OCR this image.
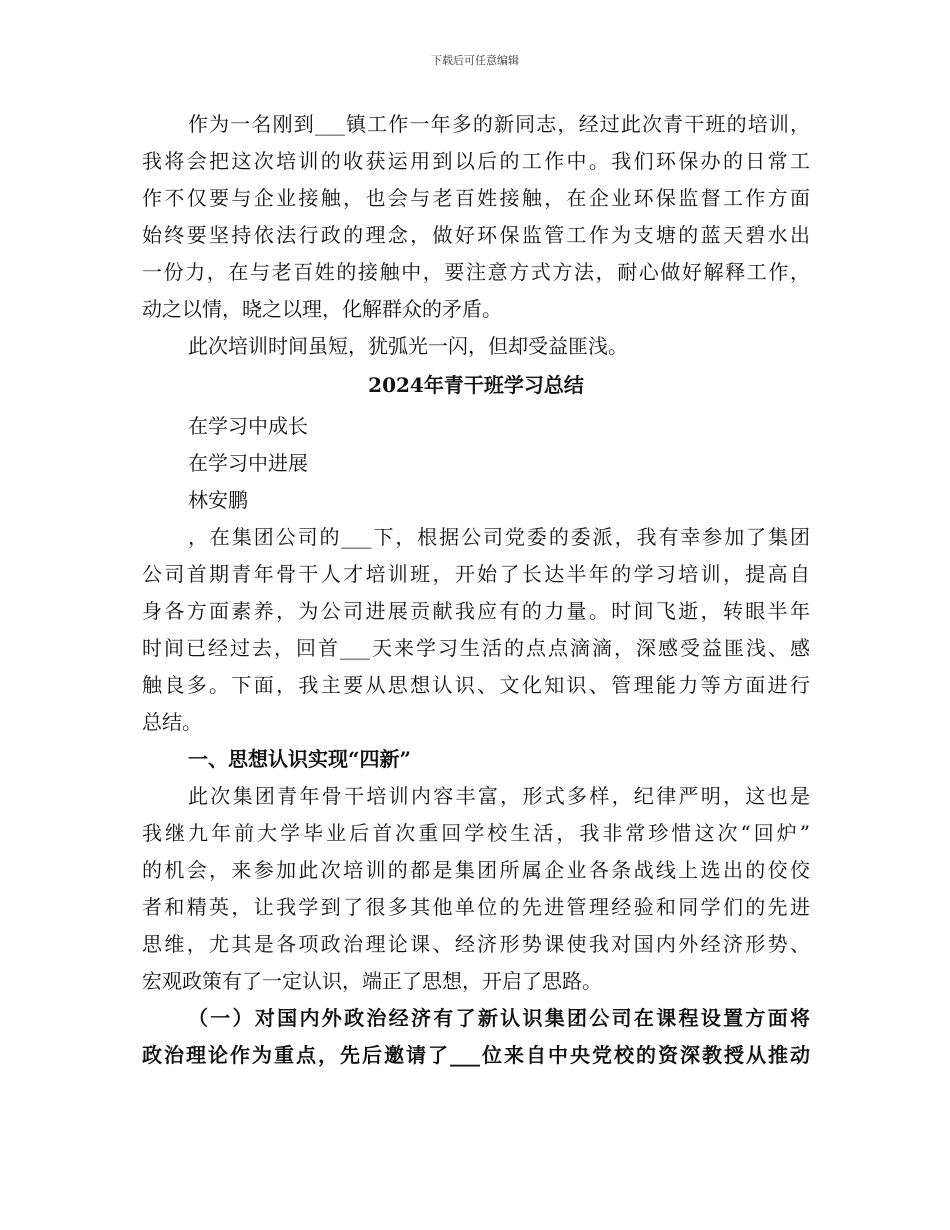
下载后可任意编辑
作为一名刚到___镇工作一年多的新同志，经过此次青干班的培训，
我将会把这次培训的收获运用到以后的工作中。我们环保办的日常工
作不仅要与企业接触，也会与老百姓接触，在企业环保监督工作方面
始终要坚持依法行政的理念，做好环保监管工作为支塘的蓝天碧水出
一份力，在与老百姓的接触中，要注意方式方法，耐心做好解释工作，
动之以情，晓之以理，化解群众的矛盾。
此次培训时间虽短，犹弧光一闪，但却受益匪浅。
2024年青干班学习总结
在学习中成长
在学习中进展
林安鹏
，在集团公司的___下，根据公司党委的委派，我有幸参加了集团
公司首期青年骨干人才培训班，开始了长达半年的学习培训，提高自
身各方面素养，为公司进展贡献我应有的力量。时间飞逝，转眼半年
时间已经过去，回首___天来学习生活的点点滴滴，深感受益匪浅、感
触良多。下面，我主要从思想认识、文化知识、管理能力等方面进行
总结。
一、思想认识实现“四新”
此次集团青年骨干培训内容丰富，形式多样，纪律严明，这也是
我继九年前大学毕业后首次重回学校生活，我非常珍惜这次“回炉”
的机会，来参加此次培训的都是集团所属企业各条战线上选出的佼佼
者和精英，让我学到了很多其他单位的先进管理经验和同学们的先进
思维，尤其是各项政治理论课、经济形势课使我对国内外经济形势、
宏观政策有了一定认识，端正了思想，开启了思路。
（一）对国内外政治经济有了新认识集团公司在课程设置方面将
政治理论作为重点，先后邀请了___位来自中央党校的资深教授从推动
